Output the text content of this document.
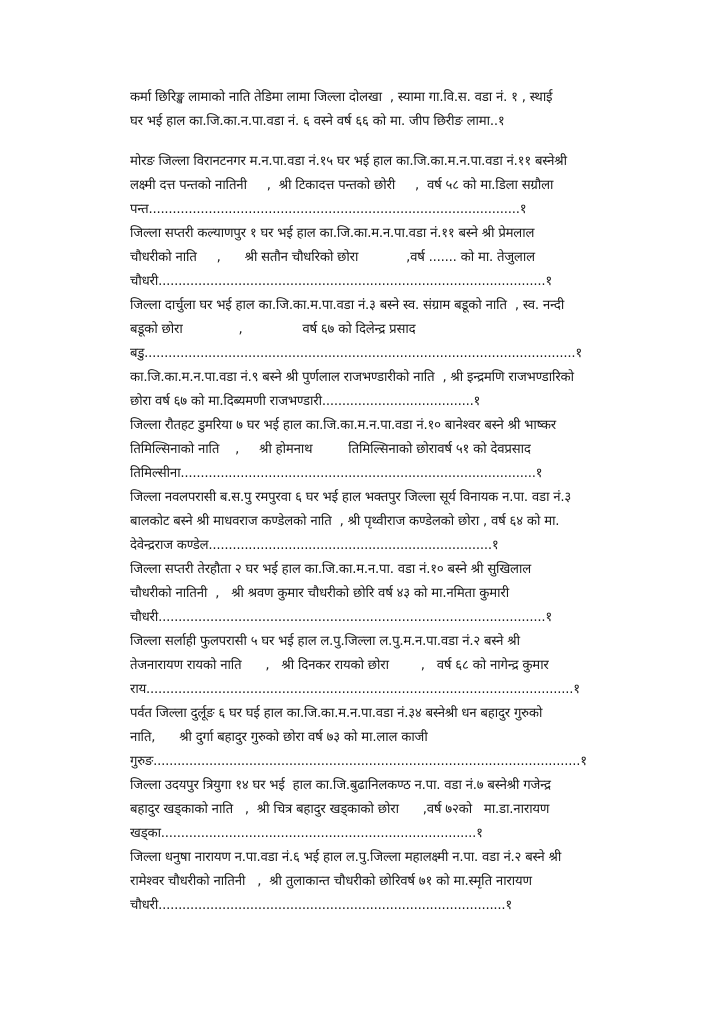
कर्मा छिरिङ्ख लामाको नाति तेडिमा लामा जिल्ला दोलखा  , स्यामा गा.वि.स. वडा नं. १ , स्थाई
घर भई हाल का.जि.का.न.पा.वडा नं. ६ वस्ने वर्ष ६६ को मा. जीप छिरीङ लामा..१
मोरङ जिल्ला विरानटनगर म.न.पा.वडा नं.१५ घर भई हाल का.जि.का.म.न.पा.वडा नं.११ बस्नेश्री
लक्ष्मी दत्त पन्तको नातिनी     ,  श्री टिकादत्त पन्तको छोरी     ,  वर्ष ५८ को मा.डिला सग्रौला
पन्त.............................................................................................१
जिल्ला सप्तरी कल्याणपुर १ घर भई हाल का.जि.का.म.न.पा.वडा नं.११ बस्ने श्री प्रेमलाल
चौधरीको नाति     ,      श्री सतौन चौधरिको छोरा            ,वर्ष ....... को मा. तेजुलाल
चौधरी.................................................................................................१
जिल्ला दार्चुला घर भई हाल का.जि.का.म.पा.वडा नं.३ बस्ने स्व. संग्राम बडूको नाति  , स्व. नन्दी
बडूको छोरा              ,               वर्ष ६७ को दिलेन्द्र प्रसाद
बडु............................................................................................................१
का.जि.का.म.न.पा.वडा नं.९ बस्ने श्री पुर्णलाल राजभण्डारीको नाति  , श्री इन्द्रमणि राजभण्डारिको
छोरा वर्ष ६७ को मा.दिब्यमणी राजभण्डारी......................................१
जिल्ला रौतहट डुमरिया ७ घर भई हाल का.जि.का.म.न.पा.वडा नं.१० बानेश्वर बस्ने श्री भाष्कर
तिमिल्सिनाको नाति    ,     श्री होमनाथ         तिमिल्सिनाको छोरावर्ष ५१ को देवप्रसाद
तिमिल्सीना.........................................................................................१
जिल्ला नवलपरासी ब.स.पु रमपुरवा ६ घर भई हाल भक्तपुर जिल्ला सूर्य विनायक न.पा. वडा नं.३
बालकोट बस्ने श्री माधवराज कण्डेलको नाति  , श्री पृथ्वीराज कण्डेलको छोरा , वर्ष ६४ को मा.
देवेन्द्रराज कण्डेल.......................................................................१
जिल्ला सप्तरी तेरहौता २ घर भई हाल का.जि.का.म.न.पा. वडा नं.१० बस्ने श्री सुखिलाल
चौधरीको नातिनी  ,   श्री श्रवण कुमार चौधरीको छोरि वर्ष ४३ को मा.नमिता कुमारी
चौधरी.................................................................................................१
जिल्ला सर्लाही फुलपरासी ५ घर भई हाल ल.पु.जिल्ला ल.पु.म.न.पा.वडा नं.२ बस्ने श्री
तेजनारायण रायको नाति      ,   श्री दिनकर रायको छोरा        ,   वर्ष ६८ को नागेन्द्र कुमार
राय...........................................................................................................१
पर्वत जिल्ला दुर्लूङ ६ घर घई हाल का.जि.का.म.न.पा.वडा नं.३४ बस्नेश्री धन बहादुर गुरुको
नाति,      श्री दुर्गा बहादुर गुरुको छोरा वर्ष ७३ को मा.लाल काजी
गुरुङ...........................................................................................................१
जिल्ला उदयपुर त्रियुगा १४ घर भई  हाल का.जि.बुढानिलकण्ठ न.पा. वडा नं.७ बस्नेश्री गजेन्द्र
बहादुर खड्काको नाति   ,  श्री चित्र बहादुर खड्काको छोरा      ,वर्ष ७२को   मा.डा.नारायण
खड्का...............................................................................१
जिल्ला धनुषा नारायण न.पा.वडा नं.६ भई हाल ल.पु.जिल्ला महालक्ष्मी न.पा. वडा नं.२ बस्ने श्री
रामेश्वर चौधरीको नातिनी   ,  श्री तुलाकान्त चौधरीको छोरिवर्ष ७१ को मा.स्मृति नारायण
चौधरी.......................................................................................१
